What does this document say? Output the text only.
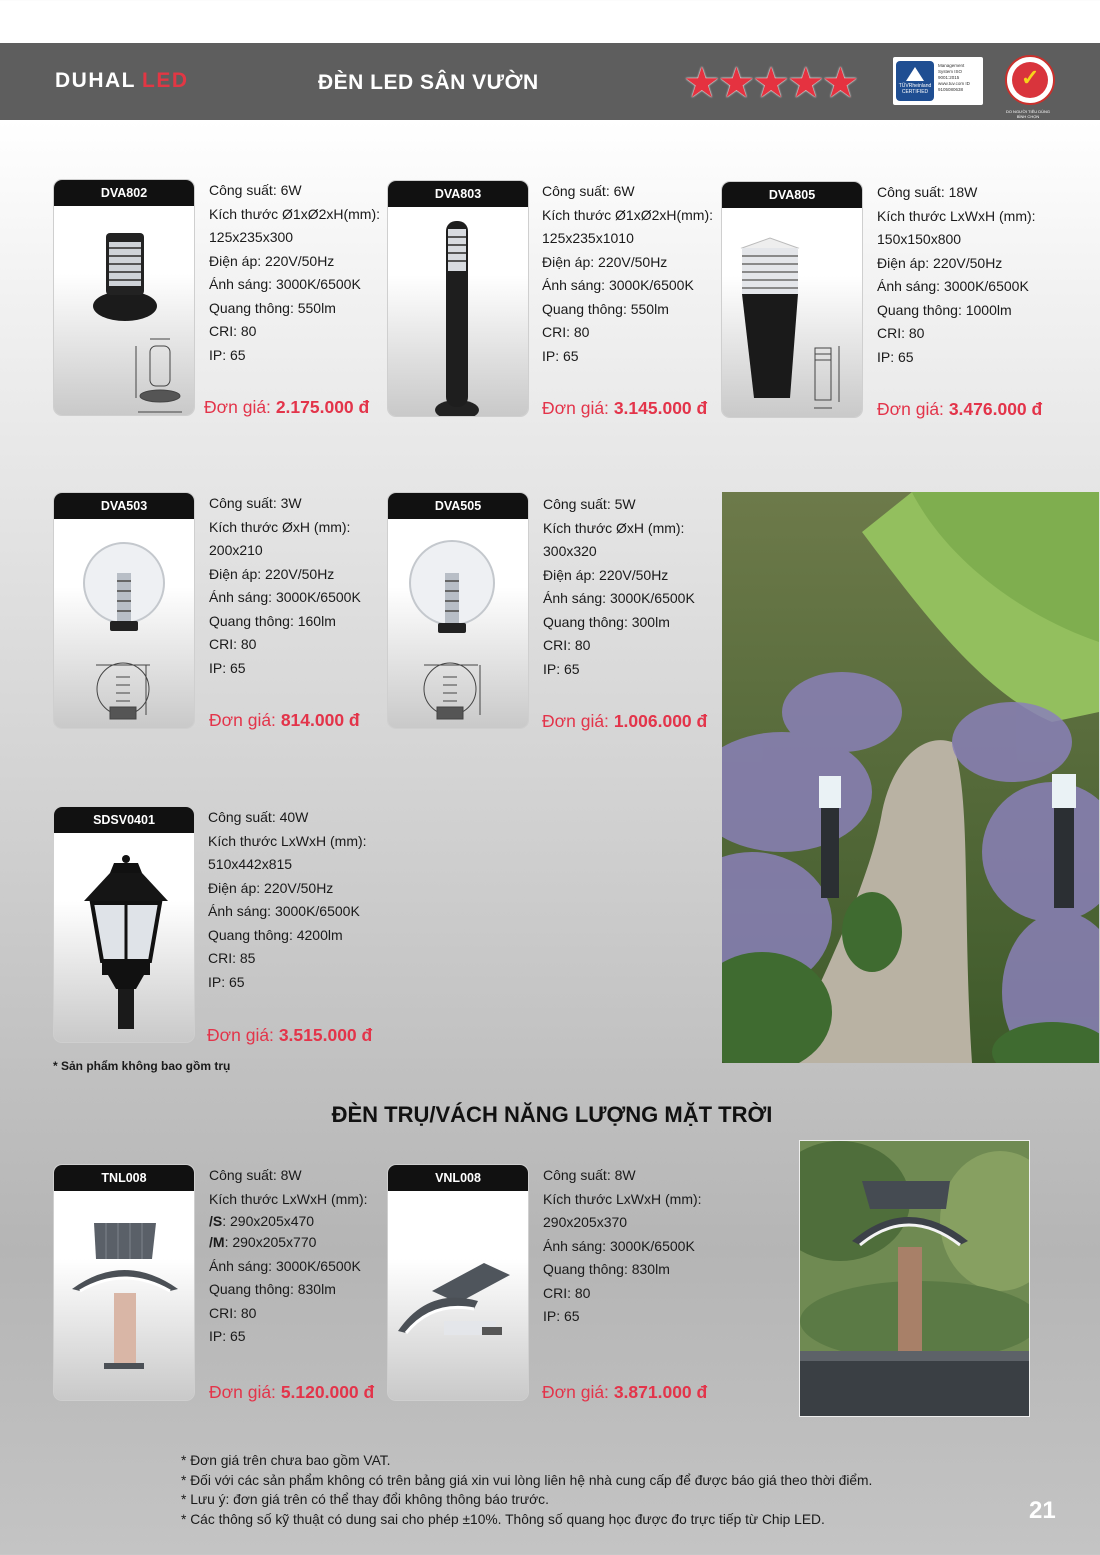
DUHAL LED	ĐÈN LED SÂN VƯỜN	★★★★★	TÜVRheinland CERTIFIED
Management System ISO 9001:2015 www.tuv.com ID 9105080638	✓
DO NGƯỜI TIÊU DÙNG BÌNH CHỌN
DVA802	Công suất: 6W
Kích thước Ø1xØ2xH(mm):
125x235x300
Điện áp: 220V/50Hz
Ánh sáng: 3000K/6500K
Quang thông: 550lm
CRI: 80
IP: 65
Đơn giá: 2.175.000 đ
DVA803	Công suất: 6W
Kích thước Ø1xØ2xH(mm):
125x235x1010
Điện áp: 220V/50Hz
Ánh sáng: 3000K/6500K
Quang thông: 550lm
CRI: 80
IP: 65
Đơn giá: 3.145.000 đ
DVA805	Công suất: 18W
Kích thước LxWxH (mm):
150x150x800
Điện áp: 220V/50Hz
Ánh sáng: 3000K/6500K
Quang thông: 1000lm
CRI: 80
IP: 65
Đơn giá: 3.476.000 đ
DVA503	Công suất: 3W
Kích thước ØxH (mm):
200x210
Điện áp: 220V/50Hz
Ánh sáng: 3000K/6500K
Quang thông: 160lm
CRI: 80
IP: 65
Đơn giá: 814.000 đ
DVA505	Công suất: 5W
Kích thước ØxH (mm):
300x320
Điện áp: 220V/50Hz
Ánh sáng: 3000K/6500K
Quang thông: 300lm
CRI: 80
IP: 65
Đơn giá: 1.006.000 đ
SDSV0401	Công suất: 40W
Kích thước LxWxH (mm):
510x442x815
Điện áp: 220V/50Hz
Ánh sáng: 3000K/6500K
Quang thông: 4200lm
CRI: 85
IP: 65
Đơn giá: 3.515.000 đ
* Sản phẩm không bao gồm trụ
ĐÈN TRỤ/VÁCH NĂNG LƯỢNG MẶT TRỜI
TNL008	Công suất: 8W
Kích thước LxWxH (mm):
/S: 290x205x470
/M: 290x205x770
Ánh sáng: 3000K/6500K
Quang thông: 830lm
CRI: 80
IP: 65
Đơn giá: 5.120.000 đ
VNL008	Công suất: 8W
Kích thước LxWxH (mm):
290x205x370
Ánh sáng: 3000K/6500K
Quang thông: 830lm
CRI: 80
IP: 65
Đơn giá: 3.871.000 đ
* Đơn giá trên chưa bao gồm VAT.
* Đối với các sản phẩm không có trên bảng giá xin vui lòng liên hệ nhà cung cấp để được báo giá theo thời điểm.
* Lưu ý: đơn giá trên có thể thay đổi không thông báo trước.
* Các thông số kỹ thuật có dung sai cho phép ±10%. Thông số quang học được đo trực tiếp từ Chip LED.	21
